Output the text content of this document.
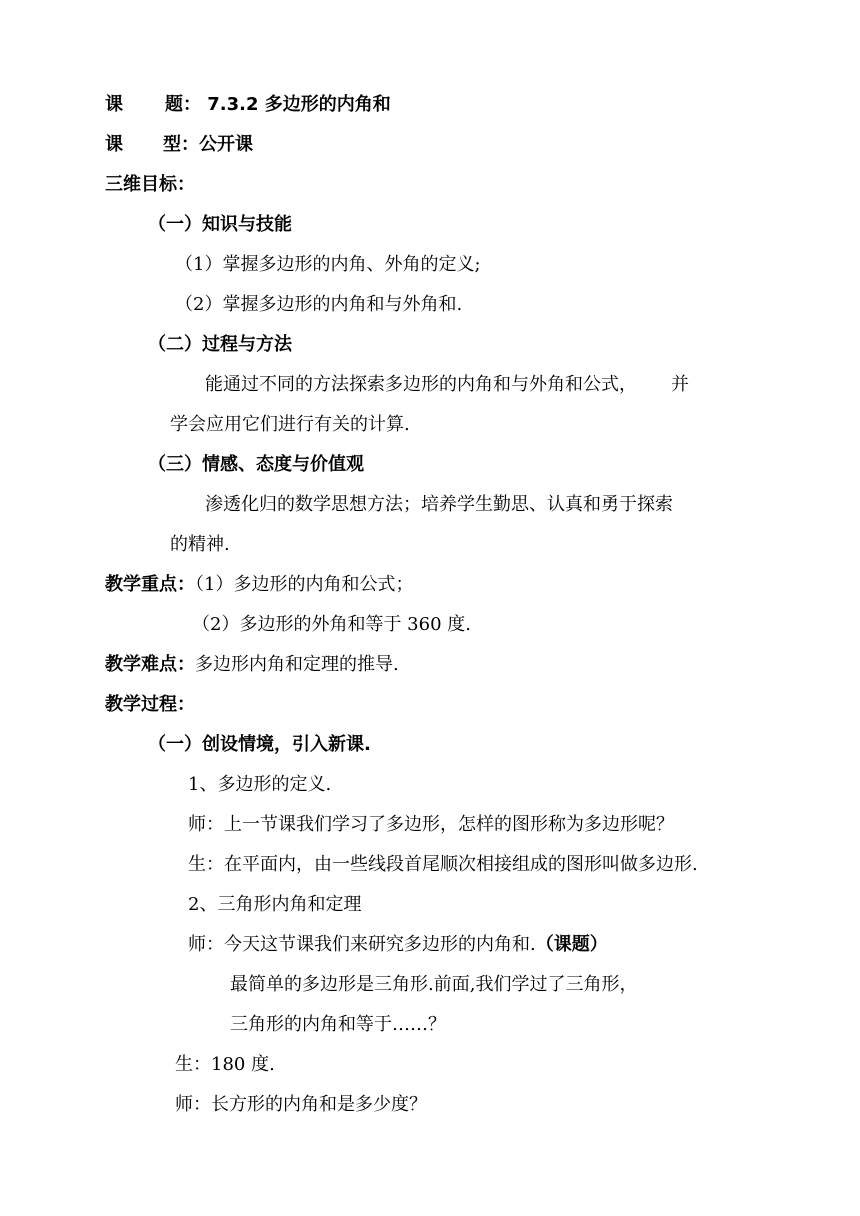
课 题： 7.3.2 多边形的内角和
课 型：公开课
三维目标：
（一）知识与技能
（1）掌握多边形的内角、外角的定义;
（2）掌握多边形的内角和与外角和.
（二）过程与方法
能通过不同的方法探索多边形的内角和与外角和公式， 并
学会应用它们进行有关的计算.
（三）情感、态度与价值观
渗透化归的数学思想方法；培养学生勤思、认真和勇于探索
的精神.
教学重点：（1）多边形的内角和公式；
（2）多边形的外角和等于 360 度.
教学难点：多边形内角和定理的推导.
教学过程：
（一）创设情境，引入新课.
1、多边形的定义.
师：上一节课我们学习了多边形，怎样的图形称为多边形呢？
生：在平面内，由一些线段首尾顺次相接组成的图形叫做多边形.
2、三角形内角和定理
师：今天这节课我们来研究多边形的内角和.（课题）
最简单的多边形是三角形.前面,我们学过了三角形，
三角形的内角和等于……？
生：180 度.
师：长方形的内角和是多少度？
